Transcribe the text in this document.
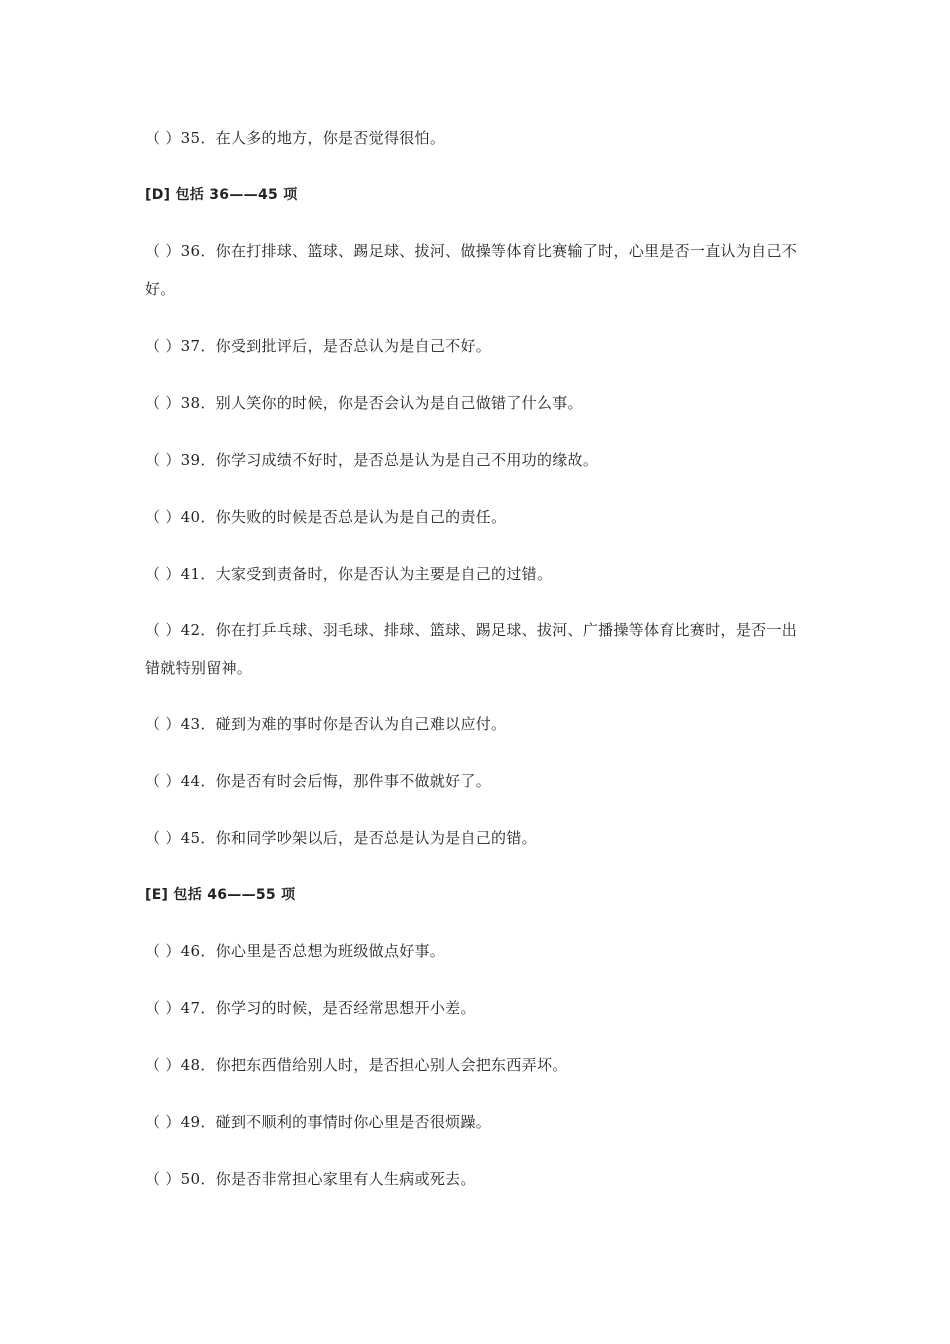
（ ）35．在人多的地方，你是否觉得很怕。
[D] 包括 36——45 项
（ ）36．你在打排球、篮球、踢足球、拔河、做操等体育比赛输了时，心里是否一直认为自己不好。
（ ）37．你受到批评后，是否总认为是自己不好。
（ ）38．别人笑你的时候，你是否会认为是自己做错了什么事。
（ ）39．你学习成绩不好时，是否总是认为是自己不用功的缘故。
（ ）40．你失败的时候是否总是认为是自己的责任。
（ ）41．大家受到责备时，你是否认为主要是自己的过错。
（ ）42．你在打乒乓球、羽毛球、排球、篮球、踢足球、拔河、广播操等体育比赛时，是否一出错就特别留神。
（ ）43．碰到为难的事时你是否认为自己难以应付。
（ ）44．你是否有时会后悔，那件事不做就好了。
（ ）45．你和同学吵架以后，是否总是认为是自己的错。
[E] 包括 46——55 项
（ ）46．你心里是否总想为班级做点好事。
（ ）47．你学习的时候，是否经常思想开小差。
（ ）48．你把东西借给别人时，是否担心别人会把东西弄坏。
（ ）49．碰到不顺利的事情时你心里是否很烦躁。
（ ）50．你是否非常担心家里有人生病或死去。
